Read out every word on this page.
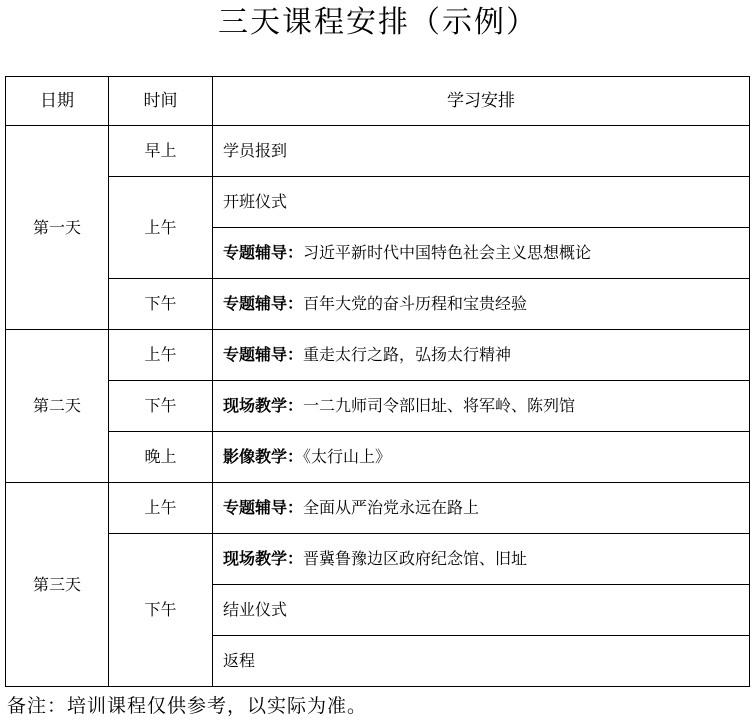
三天课程安排（示例）
日期	时间	学习安排
第一天	早上	学员报到
	上午	开班仪式
		专题辅导：习近平新时代中国特色社会主义思想概论
	下午	专题辅导：百年大党的奋斗历程和宝贵经验
第二天	上午	专题辅导：重走太行之路，弘扬太行精神
	下午	现场教学：一二九师司令部旧址、将军岭、陈列馆
	晚上	影像教学：《太行山上》
第三天	上午	专题辅导：全面从严治党永远在路上
	下午	现场教学：晋冀鲁豫边区政府纪念馆、旧址
		结业仪式
		返程
备注：培训课程仅供参考，以实际为准。
